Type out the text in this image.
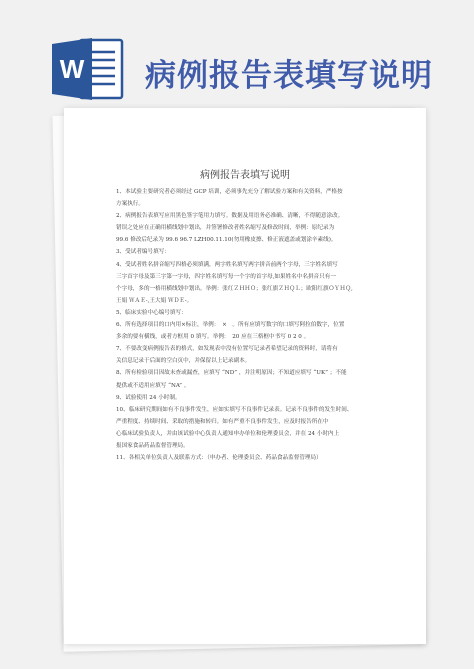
W 病例报告表填写说明
病例报告表填写说明
1、本试验主要研究者必须经过 GCP 培训，必须事先充分了解试验方案和有关资料，严格按
方案执行。
2、病例报告表填写应用黑色签字笔用力填写。数据及用语务必准确、清晰，不得随意涂改。
错误之处应在正确用横线划中划出，并签署修改者姓名缩写及修改时间，举例：原纪录为
99.6 修改后纪录为 99.6 96.7 LZH00.11.10(勿用橡皮擦、修正液遮盖或划涂辛素线)。
3、受试者编号填写：
4、受试者姓名拼音缩写四格必须填满，两字姓名填写两字拼音前两个字母，三字姓名填写
三字首字母及第三字第一字母，四字姓名填写每一个字的首字母,如果姓名中名拼音只有一
个字母，多的一格用横线划中划出。举例：张红ＺＨＨＯ；张红旗ＺＨＱＬ；欧阳红旗ＯＹＨＱ,
王娟 ＷＡＥ-,王大娟 ＷＤＥ-。
5、临床实验中心编号填写：
6、所有选择项目的口内用×标注，举例：　×　。所有应填写数字的口填写阿拉伯数字，位置
多余的要有横线，或者方框用 0 填写。举例：　20 应在三格框中书写 0 2 0 。
7、不要改变病例报告表的格式，如发现表中没有位置写记录者希望记录的资料时，请将有
关信息记录于后面的空白页中，并保留以上记录副本。
8、所有检验项目因故未查或漏查，应填写 “ND” ，并注明原因；不知道应填写 “UK” ；不能
提供或不适用应填写 “NA” 。
9、试验使用 24 小时制。
10、临床研究期间如有不良事件发生，应如实填写不良事件记录表。记录不良事件的发生时间、
严重程度、持续时间、采取的措施和转归。如有严重不良事件发生，应及时报告所在中
心临床试验负责人，并由该试验中心负责人通知申办单位和伦理委员会，并在 24 小时内上
报国家食品药品监督管理局。
11、各相关单位负责人及联系方式：（申办者、伦理委员会、药品食品监督管理局）
